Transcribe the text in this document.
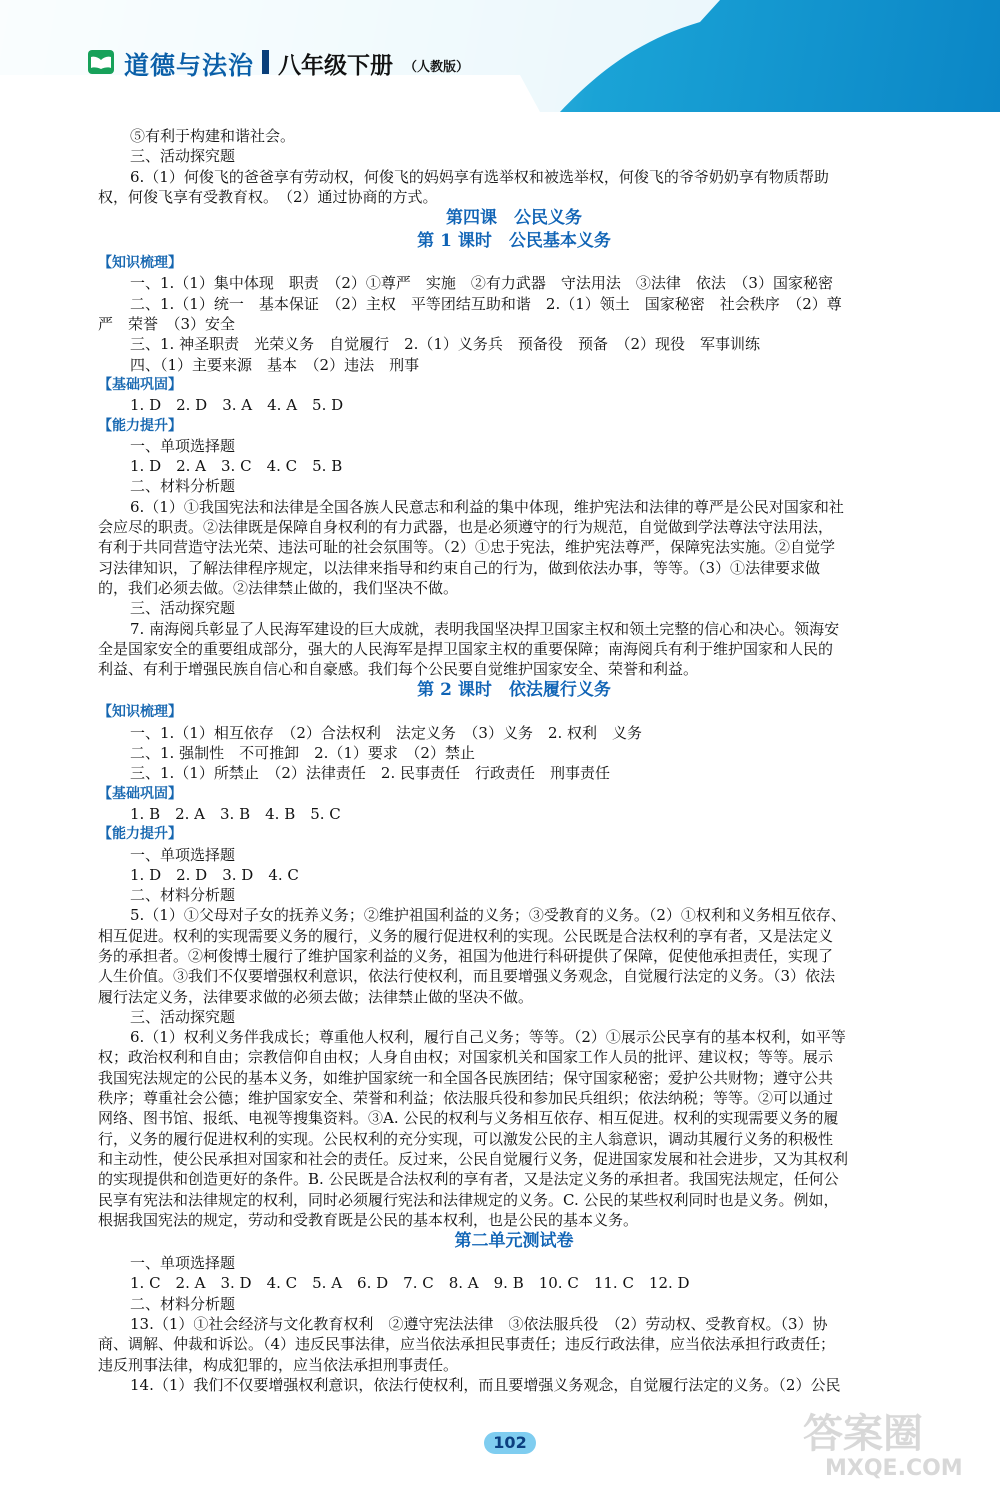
道德与法治 八年级下册 （人教版）
⑤有利于构建和谐社会。
三、活动探究题
6.（1）何俊飞的爸爸享有劳动权，何俊飞的妈妈享有选举权和被选举权，何俊飞的爷爷奶奶享有物质帮助
权，何俊飞享有受教育权。　（2）通过协商的方式。
第四课　公民义务
第 1 课时　公民基本义务
【知识梳理】
一、1.（1）集中体现　职责　（2）①尊严　实施　②有力武器　守法用法　③法律　依法　（3）国家秘密
二、1.（1）统一　基本保证　（2）主权　平等团结互助和谐　2.（1）领土　国家秘密　社会秩序　（2）尊
严　荣誉　（3）安全
三、1. 神圣职责　光荣义务　自觉履行　2.（1）义务兵　预备役　预备　（2）现役　军事训练
四、（1）主要来源　基本　（2）违法　刑事
【基础巩固】
1. D　2. D　3. A　4. A　5. D
【能力提升】
一、单项选择题
1. D　2. A　3. C　4. C　5. B
二、材料分析题
6.（1）①我国宪法和法律是全国各族人民意志和利益的集中体现，维护宪法和法律的尊严是公民对国家和社
会应尽的职责。②法律既是保障自身权利的有力武器，也是必须遵守的行为规范，自觉做到学法尊法守法用法，
有利于共同营造守法光荣、违法可耻的社会氛围等。（2）①忠于宪法，维护宪法尊严，保障宪法实施。②自觉学
习法律知识，了解法律程序规定，以法律来指导和约束自己的行为，做到依法办事，等等。（3）①法律要求做
的，我们必须去做。②法律禁止做的，我们坚决不做。
三、活动探究题
7. 南海阅兵彰显了人民海军建设的巨大成就，表明我国坚决捍卫国家主权和领土完整的信心和决心。领海安
全是国家安全的重要组成部分，强大的人民海军是捍卫国家主权的重要保障；南海阅兵有利于维护国家和人民的
利益、有利于增强民族自信心和自豪感。我们每个公民要自觉维护国家安全、荣誉和利益。
第 2 课时　依法履行义务
【知识梳理】
一、1.（1）相互依存　（2）合法权利　法定义务　（3）义务　2. 权利　义务
二、1. 强制性　不可推卸　2.（1）要求　（2）禁止
三、1.（1）所禁止　（2）法律责任　2. 民事责任　行政责任　刑事责任
【基础巩固】
1. B　2. A　3. B　4. B　5. C
【能力提升】
一、单项选择题
1. D　2. D　3. D　4. C
二、材料分析题
5.（1）①父母对子女的抚养义务；②维护祖国利益的义务；③受教育的义务。（2）①权利和义务相互依存、
相互促进。权利的实现需要义务的履行，义务的履行促进权利的实现。公民既是合法权利的享有者，又是法定义
务的承担者。②柯俊博士履行了维护国家利益的义务，祖国为他进行科研提供了保障，促使他承担责任，实现了
人生价值。③我们不仅要增强权利意识，依法行使权利，而且要增强义务观念，自觉履行法定的义务。（3）依法
履行法定义务，法律要求做的必须去做；法律禁止做的坚决不做。
三、活动探究题
6.（1）权利义务伴我成长；尊重他人权利，履行自己义务；等等。（2）①展示公民享有的基本权利，如平等
权；政治权利和自由；宗教信仰自由权；人身自由权；对国家机关和国家工作人员的批评、建议权；等等。展示
我国宪法规定的公民的基本义务，如维护国家统一和全国各民族团结；保守国家秘密；爱护公共财物；遵守公共
秩序；尊重社会公德；维护国家安全、荣誉和利益；依法服兵役和参加民兵组织；依法纳税；等等。②可以通过
网络、图书馆、报纸、电视等搜集资料。③A. 公民的权利与义务相互依存、相互促进。权利的实现需要义务的履
行，义务的履行促进权利的实现。公民权利的充分实现，可以激发公民的主人翁意识，调动其履行义务的积极性
和主动性，使公民承担对国家和社会的责任。反过来，公民自觉履行义务，促进国家发展和社会进步，又为其权利
的实现提供和创造更好的条件。B. 公民既是合法权利的享有者，又是法定义务的承担者。我国宪法规定，任何公
民享有宪法和法律规定的权利，同时必须履行宪法和法律规定的义务。C. 公民的某些权利同时也是义务。例如，
根据我国宪法的规定，劳动和受教育既是公民的基本权利，也是公民的基本义务。
第二单元测试卷
一、单项选择题
1. C　2. A　3. D　4. C　5. A　6. D　7. C　8. A　9. B　10. C　11. C　12. D
二、材料分析题
13.（1）①社会经济与文化教育权利　②遵守宪法法律　③依法服兵役　（2）劳动权、受教育权。（3）协
商、调解、仲裁和诉讼。（4）违反民事法律，应当依法承担民事责任；违反行政法律，应当依法承担行政责任；
违反刑事法律，构成犯罪的，应当依法承担刑事责任。
14.（1）我们不仅要增强权利意识，依法行使权利，而且要增强义务观念，自觉履行法定的义务。（2）公民
102	答案圈
MXQE.COM
